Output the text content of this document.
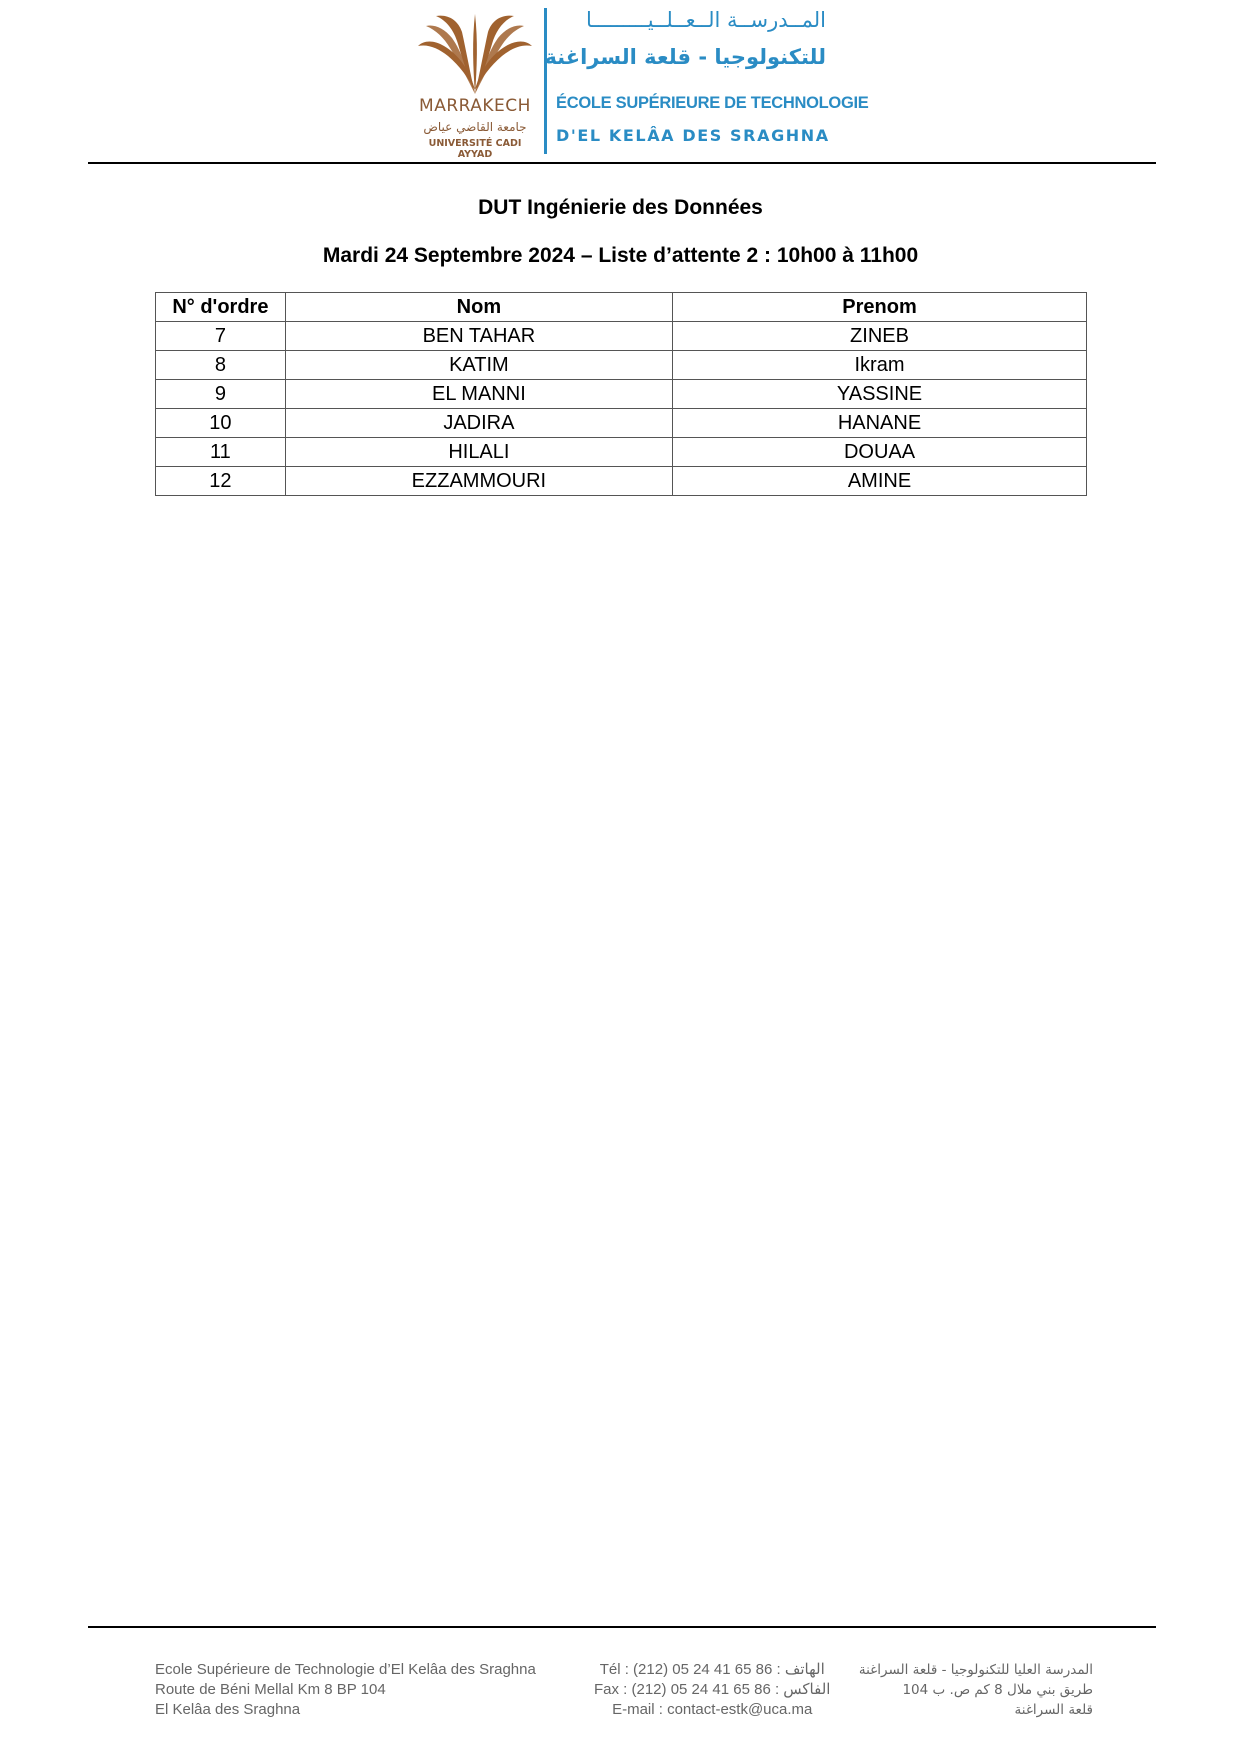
MARRAKECH
جامعة القاضي عياض
UNIVERSITÉ CADI AYYAD
المــدرســة الــعــلــيـــــــــا
للتكنولوجيا - قلعة السراغنة
ÉCOLE SUPÉRIEURE DE TECHNOLOGIE
D'EL KELÂA DES SRAGHNA
DUT Ingénierie des Données
Mardi 24 Septembre 2024 – Liste d’attente 2 : 10h00 à 11h00
N° d'ordre	Nom	Prenom
7	BEN TAHAR	ZINEB
8	KATIM	Ikram
9	EL MANNI	YASSINE
10	JADIRA	HANANE
11	HILALI	DOUAA
12	EZZAMMOURI	AMINE
Ecole Supérieure de Technologie d’El Kelâa des Sraghna
Route de Béni Mellal Km 8 BP 104
El Kelâa des Sraghna
Tél : (212) 05 24 41 65 86 : الهاتف
Fax : (212) 05 24 41 65 86 : الفاكس
E-mail : contact-estk@uca.ma
المدرسة العليا للتكنولوجيا - قلعة السراغنة
طريق بني ملال 8 كم ص. ب 104
قلعة السراغنة
